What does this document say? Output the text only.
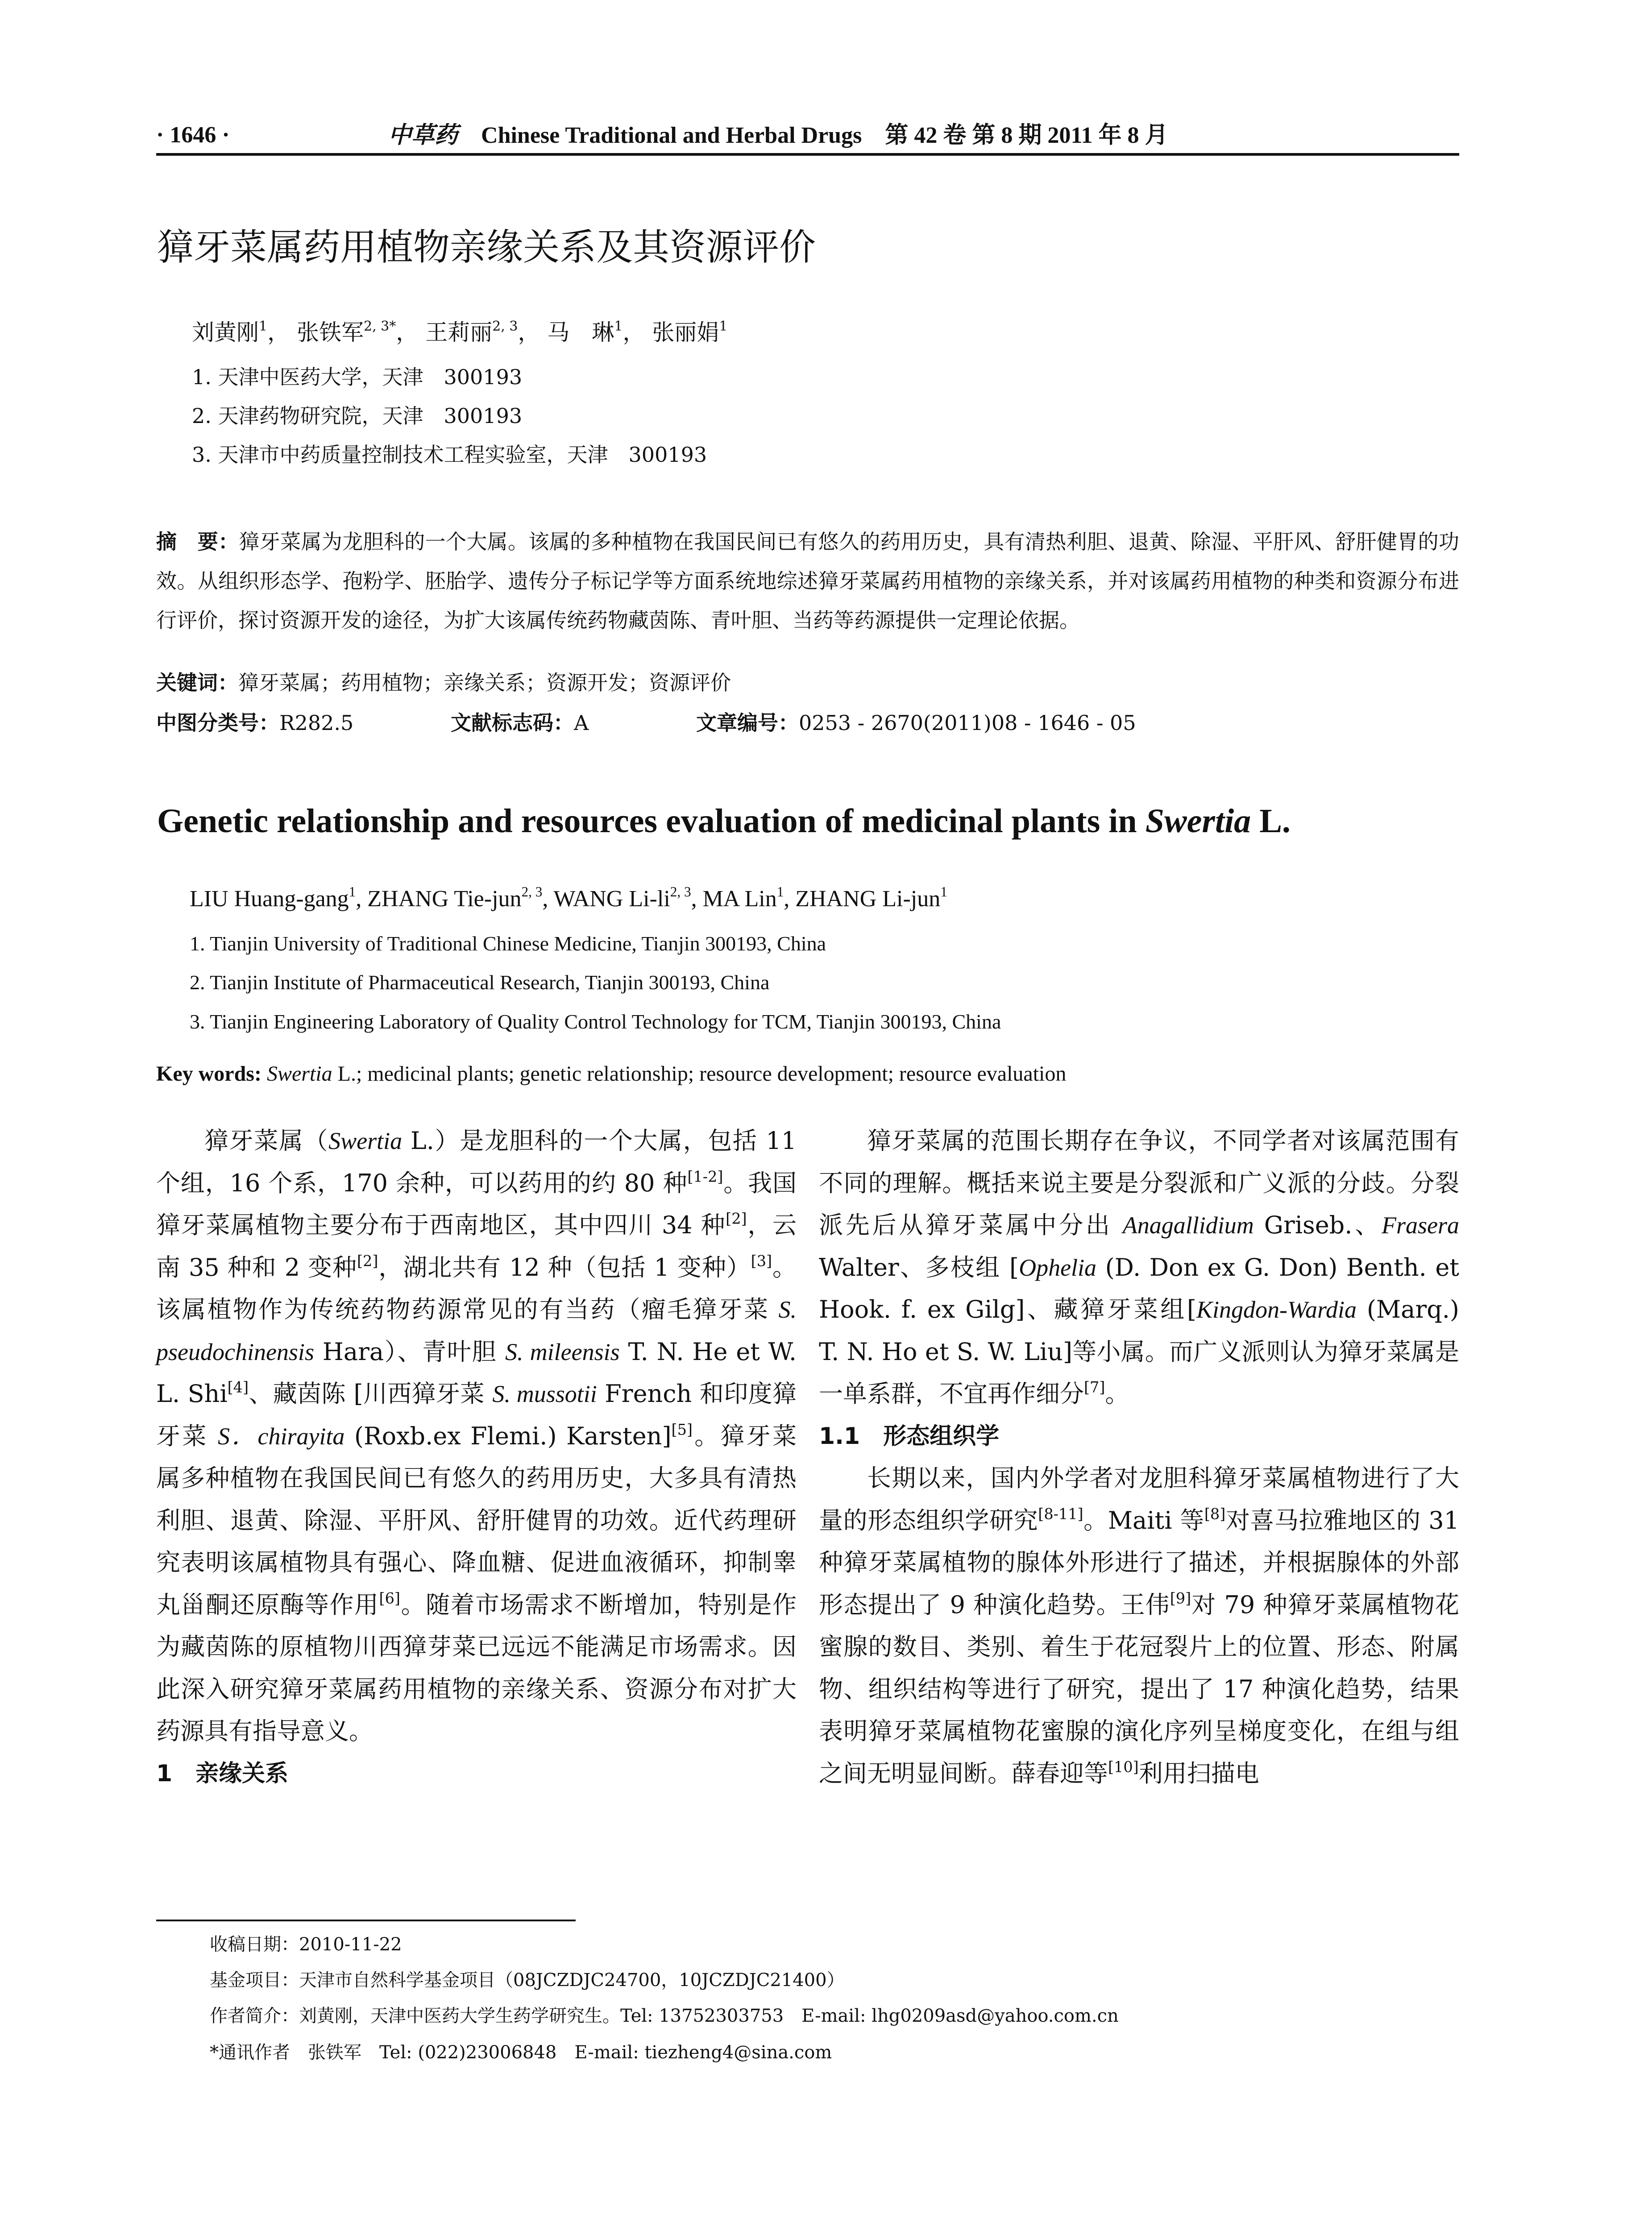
· 1646 ·	中草药 Chinese Traditional and Herbal Drugs 第 42 卷 第 8 期 2011 年 8 月
獐牙菜属药用植物亲缘关系及其资源评价
刘黄刚$^1$， 张铁军$^{2, 3*}$， 王莉丽$^{2, 3}$， 马　琳$^1$， 张丽娟$^1$
1. 天津中医药大学，天津　300193
2. 天津药物研究院，天津　300193
3. 天津市中药质量控制技术工程实验室，天津　300193
摘　要：獐牙菜属为龙胆科的一个大属。该属的多种植物在我国民间已有悠久的药用历史，具有清热利胆、退黄、除湿、平肝风、舒肝健胃的功效。从组织形态学、孢粉学、胚胎学、遗传分子标记学等方面系统地综述獐牙菜属药用植物的亲缘关系，并对该属药用植物的种类和资源分布进行评价，探讨资源开发的途径，为扩大该属传统药物藏茵陈、青叶胆、当药等药源提供一定理论依据。
关键词：獐牙菜属；药用植物；亲缘关系；资源开发；资源评价
中图分类号：R282.5	文献标志码：A	文章编号：0253 - 2670(2011)08 - 1646 - 05
Genetic relationship and resources evaluation of medicinal plants in Swertia L.
LIU Huang-gang$^1$, ZHANG Tie-jun$^{2, 3}$, WANG Li-li$^{2, 3}$, MA Lin$^1$, ZHANG Li-jun$^1$
1. Tianjin University of Traditional Chinese Medicine, Tianjin 300193, China
2. Tianjin Institute of Pharmaceutical Research, Tianjin 300193, China
3. Tianjin Engineering Laboratory of Quality Control Technology for TCM, Tianjin 300193, China
Key words: Swertia L.; medicinal plants; genetic relationship; resource development; resource evaluation

獐牙菜属（Swertia L.）是龙胆科的一个大属，包括 11 个组，16 个系，170 余种，可以药用的约 80 种[1-2]。我国獐牙菜属植物主要分布于西南地区，其中四川 34 种[2]，云南 35 种和 2 变种[2]，湖北共有 12 种（包括 1 变种）[3]。该属植物作为传统药物药源常见的有当药（瘤毛獐牙菜 S. pseudochinensis Hara）、青叶胆 S. mileensis T. N. He et W. L. Shi[4]、藏茵陈 [川西獐牙菜 S. mussotii French 和印度獐牙菜 S．chirayita (Roxb.ex Flemi.) Karsten][5]。獐牙菜属多种植物在我国民间已有悠久的药用历史，大多具有清热利胆、退黄、除湿、平肝风、舒肝健胃的功效。近代药理研究表明该属植物具有强心、降血糖、促进血液循环，抑制睾丸甾酮还原酶等作用[6]。随着市场需求不断增加，特别是作为藏茵陈的原植物川西獐芽菜已远远不能满足市场需求。因此深入研究獐牙菜属药用植物的亲缘关系、资源分布对扩大药源具有指导意义。

1　亲缘关系

獐牙菜属的范围长期存在争议，不同学者对该属范围有不同的理解。概括来说主要是分裂派和广义派的分歧。分裂派先后从獐牙菜属中分出 Anagallidium Griseb.、Frasera Walter、多枝组 [Ophelia (D. Don ex G. Don) Benth. et Hook. f. ex Gilg]、藏獐牙菜组[Kingdon-Wardia (Marq.) T. N. Ho et S. W. Liu]等小属。而广义派则认为獐牙菜属是一单系群，不宜再作细分[7]。

1.1　形态组织学

长期以来，国内外学者对龙胆科獐牙菜属植物进行了大量的形态组织学研究[8-11]。Maiti 等[8]对喜马拉雅地区的 31 种獐牙菜属植物的腺体外形进行了描述，并根据腺体的外部形态提出了 9 种演化趋势。王伟[9]对 79 种獐牙菜属植物花蜜腺的数目、类别、着生于花冠裂片上的位置、形态、附属物、组织结构等进行了研究，提出了 17 种演化趋势，结果表明獐牙菜属植物花蜜腺的演化序列呈梯度变化，在组与组之间无明显间断。薛春迎等[10]利用扫描电

收稿日期：2010-11-22
基金项目：天津市自然科学基金项目（08JCZDJC24700，10JCZDJC21400）
作者简介：刘黄刚，天津中医药大学生药学研究生。Tel: 13752303753　E-mail: lhg0209asd@yahoo.com.cn
*通讯作者　张铁军　Tel: (022)23006848　E-mail: tiezheng4@sina.com
